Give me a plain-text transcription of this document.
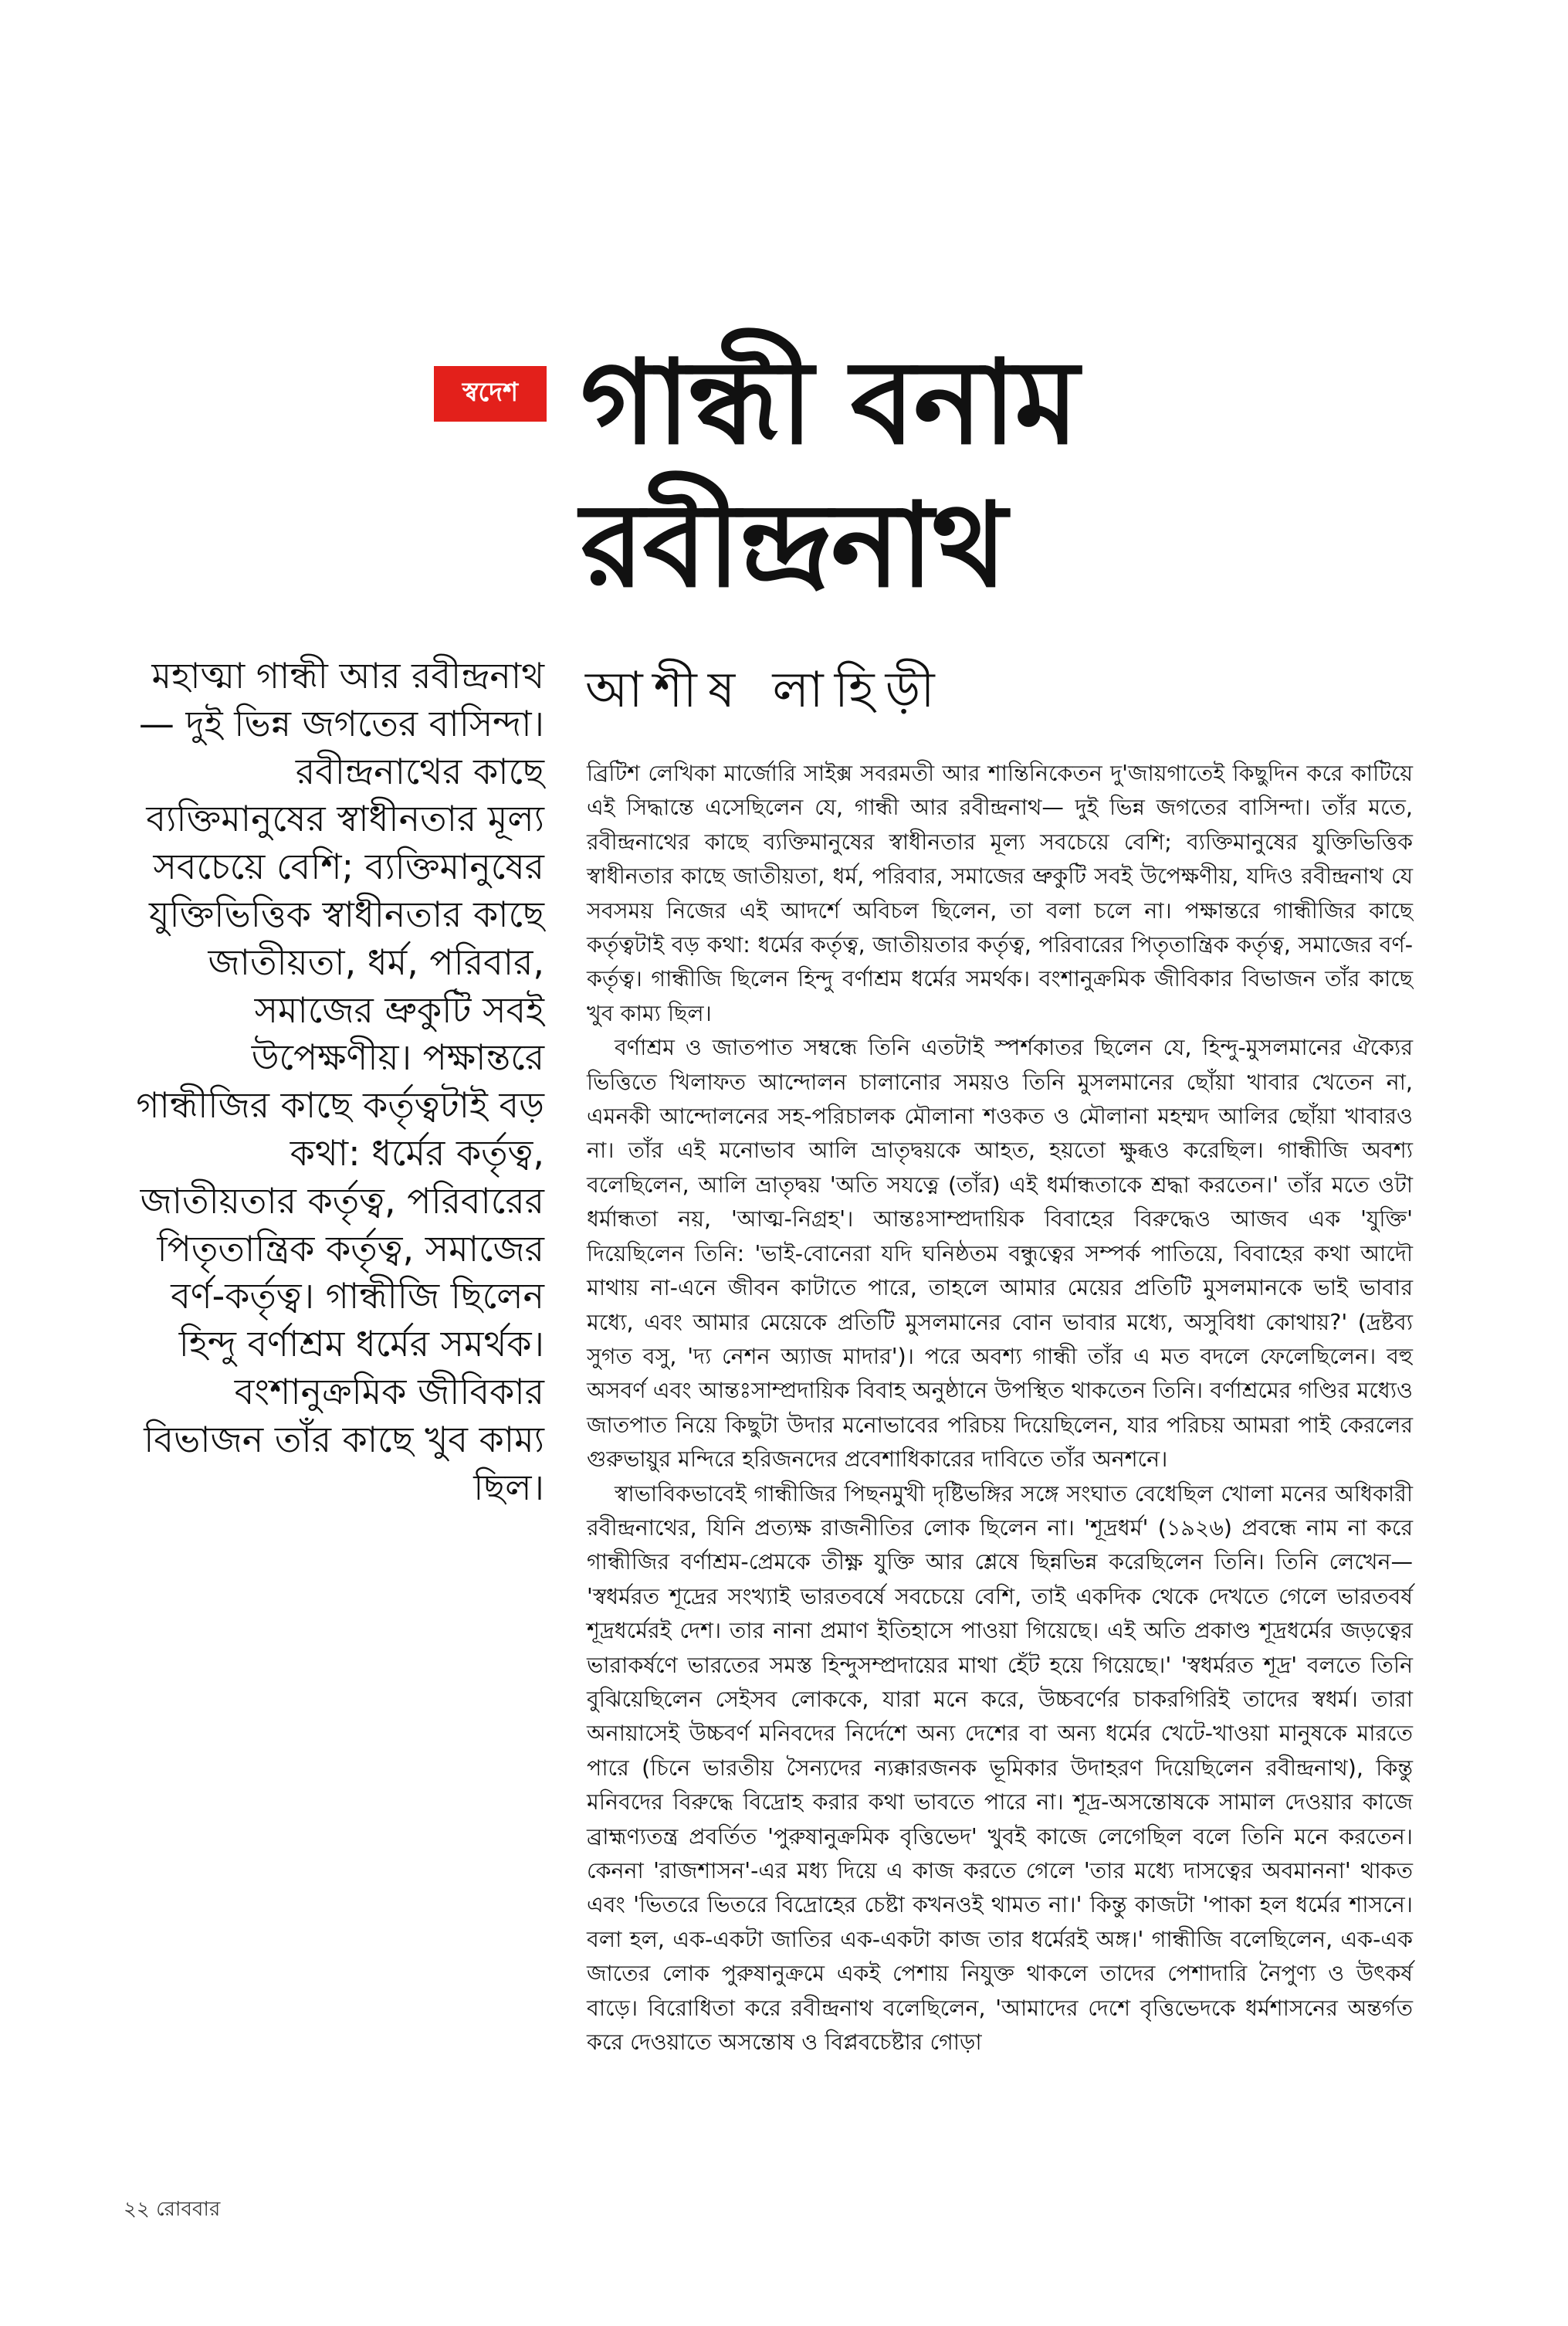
স্বদেশ গান্ধী বনাম
রবীন্দ্রনাথ
আশীষ লাহিড়ী
মহাত্মা গান্ধী আর রবীন্দ্রনাথ— দুই ভিন্ন জগতের বাসিন্দা। রবীন্দ্রনাথের কাছে ব্যক্তিমানুষের স্বাধীনতার মূল্য সবচেয়ে বেশি; ব্যক্তিমানুষের যুক্তিভিত্তিক স্বাধীনতার কাছে জাতীয়তা, ধর্ম, পরিবার, সমাজের ভ্রুকুটি সবই উপেক্ষণীয়। পক্ষান্তরে গান্ধীজির কাছে কর্তৃত্বটাই বড় কথা: ধর্মের কর্তৃত্ব, জাতীয়তার কর্তৃত্ব, পরিবারের পিতৃতান্ত্রিক কর্তৃত্ব, সমাজের বর্ণ-কর্তৃত্ব। গান্ধীজি ছিলেন হিন্দু বর্ণাশ্রম ধর্মের সমর্থক। বংশানুক্রমিক জীবিকার বিভাজন তাঁর কাছে খুব কাম্য ছিল।

ব্রিটিশ লেখিকা মার্জোরি সাইক্স সবরমতী আর শান্তিনিকেতন দু'জায়গাতেই কিছুদিন করে কাটিয়ে এই সিদ্ধান্তে এসেছিলেন যে, গান্ধী আর রবীন্দ্রনাথ— দুই ভিন্ন জগতের বাসিন্দা। তাঁর মতে, রবীন্দ্রনাথের কাছে ব্যক্তিমানুষের স্বাধীনতার মূল্য সবচেয়ে বেশি; ব্যক্তিমানুষের যুক্তিভিত্তিক স্বাধীনতার কাছে জাতীয়তা, ধর্ম, পরিবার, সমাজের ভ্রুকুটি সবই উপেক্ষণীয়, যদিও রবীন্দ্রনাথ যে সবসময় নিজের এই আদর্শে অবিচল ছিলেন, তা বলা চলে না। পক্ষান্তরে গান্ধীজির কাছে কর্তৃত্বটাই বড় কথা: ধর্মের কর্তৃত্ব, জাতীয়তার কর্তৃত্ব, পরিবারের পিতৃতান্ত্রিক কর্তৃত্ব, সমাজের বর্ণ-কর্তৃত্ব। গান্ধীজি ছিলেন হিন্দু বর্ণাশ্রম ধর্মের সমর্থক। বংশানুক্রমিক জীবিকার বিভাজন তাঁর কাছে খুব কাম্য ছিল।

বর্ণাশ্রম ও জাতপাত সম্বন্ধে তিনি এতটাই স্পর্শকাতর ছিলেন যে, হিন্দু-মুসলমানের ঐক্যের ভিত্তিতে খিলাফত আন্দোলন চালানোর সময়ও তিনি মুসলমানের ছোঁয়া খাবার খেতেন না, এমনকী আন্দোলনের সহ-পরিচালক মৌলানা শওকত ও মৌলানা মহম্মদ আলির ছোঁয়া খাবারও না। তাঁর এই মনোভাব আলি ভ্রাতৃদ্বয়কে আহত, হয়তো ক্ষুব্ধও করেছিল। গান্ধীজি অবশ্য বলেছিলেন, আলি ভ্রাতৃদ্বয় 'অতি সযত্নে (তাঁর) এই ধর্মান্ধতাকে শ্রদ্ধা করতেন।' তাঁর মতে ওটা ধর্মান্ধতা নয়, 'আত্ম-নিগ্রহ'। আন্তঃসাম্প্রদায়িক বিবাহের বিরুদ্ধেও আজব এক 'যুক্তি' দিয়েছিলেন তিনি: 'ভাই-বোনেরা যদি ঘনিষ্ঠতম বন্ধুত্বের সম্পর্ক পাতিয়ে, বিবাহের কথা আদৌ মাথায় না-এনে জীবন কাটাতে পারে, তাহলে আমার মেয়ের প্রতিটি মুসলমানকে ভাই ভাবার মধ্যে, এবং আমার মেয়েকে প্রতিটি মুসলমানের বোন ভাবার মধ্যে, অসুবিধা কোথায়?' (দ্রষ্টব্য সুগত বসু, 'দ্য নেশন অ্যাজ মাদার')। পরে অবশ্য গান্ধী তাঁর এ মত বদলে ফেলেছিলেন। বহু অসবর্ণ এবং আন্তঃসাম্প্রদায়িক বিবাহ অনুষ্ঠানে উপস্থিত থাকতেন তিনি। বর্ণাশ্রমের গণ্ডির মধ্যেও জাতপাত নিয়ে কিছুটা উদার মনোভাবের পরিচয় দিয়েছিলেন, যার পরিচয় আমরা পাই কেরলের গুরুভায়ুর মন্দিরে হরিজনদের প্রবেশাধিকারের দাবিতে তাঁর অনশনে।

স্বাভাবিকভাবেই গান্ধীজির পিছনমুখী দৃষ্টিভঙ্গির সঙ্গে সংঘাত বেধেছিল খোলা মনের অধিকারী রবীন্দ্রনাথের, যিনি প্রত্যক্ষ রাজনীতির লোক ছিলেন না। 'শূদ্রধর্ম' (১৯২৬) প্রবন্ধে নাম না করে গান্ধীজির বর্ণাশ্রম-প্রেমকে তীক্ষ্ণ যুক্তি আর শ্লেষে ছিন্নভিন্ন করেছিলেন তিনি। তিনি লেখেন— 'স্বধর্মরত শূদ্রের সংখ্যাই ভারতবর্ষে সবচেয়ে বেশি, তাই একদিক থেকে দেখতে গেলে ভারতবর্ষ শূদ্রধর্মেরই দেশ। তার নানা প্রমাণ ইতিহাসে পাওয়া গিয়েছে। এই অতি প্রকাণ্ড শূদ্রধর্মের জড়ত্বের ভারাকর্ষণে ভারতের সমস্ত হিন্দুসম্প্রদায়ের মাথা হেঁট হয়ে গিয়েছে।' 'স্বধর্মরত শূদ্র' বলতে তিনি বুঝিয়েছিলেন সেইসব লোককে, যারা মনে করে, উচ্চবর্ণের চাকরগিরিই তাদের স্বধর্ম। তারা অনায়াসেই উচ্চবর্ণ মনিবদের নির্দেশে অন্য দেশের বা অন্য ধর্মের খেটে-খাওয়া মানুষকে মারতে পারে (চিনে ভারতীয় সৈন্যদের ন্যক্কারজনক ভূমিকার উদাহরণ দিয়েছিলেন রবীন্দ্রনাথ), কিন্তু মনিবদের বিরুদ্ধে বিদ্রোহ করার কথা ভাবতে পারে না। শূদ্র-অসন্তোষকে সামাল দেওয়ার কাজে ব্রাহ্মণ্যতন্ত্র প্রবর্তিত 'পুরুষানুক্রমিক বৃত্তিভেদ' খুবই কাজে লেগেছিল বলে তিনি মনে করতেন। কেননা 'রাজশাসন'-এর মধ্য দিয়ে এ কাজ করতে গেলে 'তার মধ্যে দাসত্বের অবমাননা' থাকত এবং 'ভিতরে ভিতরে বিদ্রোহের চেষ্টা কখনওই থামত না।' কিন্তু কাজটা 'পাকা হল ধর্মের শাসনে। বলা হল, এক-একটা জাতির এক-একটা কাজ তার ধর্মেরই অঙ্গ।' গান্ধীজি বলেছিলেন, এক-এক জাতের লোক পুরুষানুক্রমে একই পেশায় নিযুক্ত থাকলে তাদের পেশাদারি নৈপুণ্য ও উৎকর্ষ বাড়ে। বিরোধিতা করে রবীন্দ্রনাথ বলেছিলেন, 'আমাদের দেশে বৃত্তিভেদকে ধর্মশাসনের অন্তর্গত করে দেওয়াতে অসন্তোষ ও বিপ্লবচেষ্টার গোড়া

২২ রোববার
